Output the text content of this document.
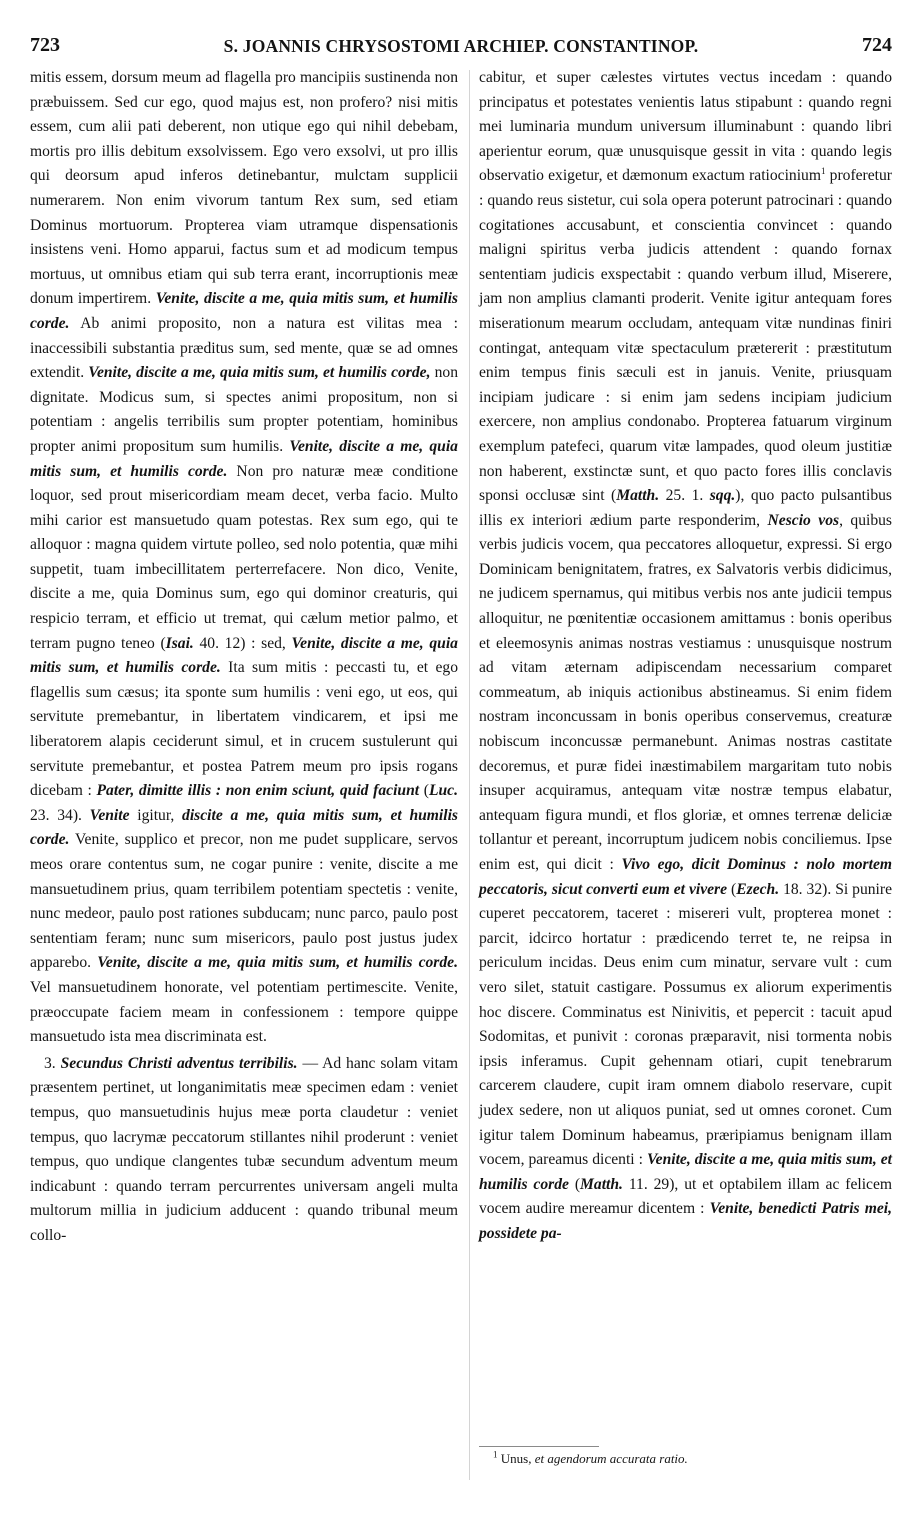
723	S. JOANNIS CHRYSOSTOMI ARCHIEP. CONSTANTINOP.	724

mitis essem, dorsum meum ad flagella pro mancipiis sustinenda non præbuissem. Sed cur ego, quod majus est, non profero? nisi mitis essem, cum alii pati deberent, non utique ego qui nihil debebam, mortis pro illis debitum exsolvissem. Ego vero exsolvi, ut pro illis qui deorsum apud inferos detinebantur, mulctam supplicii numerarem. Non enim vivorum tantum Rex sum, sed etiam Dominus mortuorum. Propterea viam utramque dispensationis insistens veni. Homo apparui, factus sum et ad modicum tempus mortuus, ut omnibus etiam qui sub terra erant, incorruptionis meæ donum impertirem. Venite, discite a me, quia mitis sum, et humilis corde. Ab animi proposito, non a natura est vilitas mea : inaccessibili substantia præditus sum, sed mente, quæ se ad omnes extendit. Venite, discite a me, quia mitis sum, et humilis corde, non dignitate. Modicus sum, si spectes animi propositum, non si potentiam : angelis terribilis sum propter potentiam, hominibus propter animi propositum sum humilis. Venite, discite a me, quia mitis sum, et humilis corde. Non pro naturæ meæ conditione loquor, sed prout misericordiam meam decet, verba facio. Multo mihi carior est mansuetudo quam potestas. Rex sum ego, qui te alloquor : magna quidem virtute polleo, sed nolo potentia, quæ mihi suppetit, tuam imbecillitatem perterrefacere. Non dico, Venite, discite a me, quia Dominus sum, ego qui dominor creaturis, qui respicio terram, et efficio ut tremat, qui cælum metior palmo, et terram pugno teneo (Isai. 40. 12) : sed, Venite, discite a me, quia mitis sum, et humilis corde. Ita sum mitis : peccasti tu, et ego flagellis sum cæsus; ita sponte sum humilis : veni ego, ut eos, qui servitute premebantur, in libertatem vindicarem, et ipsi me liberatorem alapis ceciderunt simul, et in crucem sustulerunt qui servitute premebantur, et postea Patrem meum pro ipsis rogans dicebam : Pater, dimitte illis : non enim sciunt, quid faciunt (Luc. 23. 34). Venite igitur, discite a me, quia mitis sum, et humilis corde. Venite, supplico et precor, non me pudet supplicare, servos meos orare contentus sum, ne cogar punire : venite, discite a me mansuetudinem prius, quam terribilem potentiam spectetis : venite, nunc medeor, paulo post rationes subducam; nunc parco, paulo post sententiam feram; nunc sum misericors, paulo post justus judex apparebo. Venite, discite a me, quia mitis sum, et humilis corde. Vel mansuetudinem honorate, vel potentiam pertimescite. Venite, præoccupate faciem meam in confessionem : tempore quippe mansuetudo ista mea discriminata est.

3. Secundus Christi adventus terribilis. — Ad hanc solam vitam præsentem pertinet, ut longanimitatis meæ specimen edam : veniet tempus, quo mansuetudinis hujus meæ porta claudetur : veniet tempus, quo lacrymæ peccatorum stillantes nihil proderunt : veniet tempus, quo undique clangentes tubæ secundum adventum meum indicabunt : quando terram percurrentes universam angeli multa multorum millia in judicium adducent : quando tribunal meum collo-

cabitur, et super cælestes virtutes vectus incedam : quando principatus et potestates venientis latus stipabunt : quando regni mei luminaria mundum universum illuminabunt : quando libri aperientur eorum, quæ unusquisque gessit in vita : quando legis observatio exigetur, et dæmonum exactum ratiocinium$^1$ proferetur : quando reus sistetur, cui sola opera poterunt patrocinari : quando cogitationes accusabunt, et conscientia convincet : quando maligni spiritus verba judicis attendent : quando fornax sententiam judicis exspectabit : quando verbum illud, Miserere, jam non amplius clamanti proderit. Venite igitur antequam fores miserationum mearum occludam, antequam vitæ nundinas finiri contingat, antequam vitæ spectaculum prætererit : præstitutum enim tempus finis sæculi est in januis. Venite, priusquam incipiam judicare : si enim jam sedens incipiam judicium exercere, non amplius condonabo. Propterea fatuarum virginum exemplum patefeci, quarum vitæ lampades, quod oleum justitiæ non haberent, exstinctæ sunt, et quo pacto fores illis conclavis sponsi occlusæ sint (Matth. 25. 1. sqq.), quo pacto pulsantibus illis ex interiori ædium parte responderim, Nescio vos, quibus verbis judicis vocem, qua peccatores alloquetur, expressi. Si ergo Dominicam benignitatem, fratres, ex Salvatoris verbis didicimus, ne judicem spernamus, qui mitibus verbis nos ante judicii tempus alloquitur, ne pœnitentiæ occasionem amittamus : bonis operibus et eleemosynis animas nostras vestiamus : unusquisque nostrum ad vitam æternam adipiscendam necessarium comparet commeatum, ab iniquis actionibus abstineamus. Si enim fidem nostram inconcussam in bonis operibus conservemus, creaturæ nobiscum inconcussæ permanebunt. Animas nostras castitate decoremus, et puræ fidei inæstimabilem margaritam tuto nobis insuper acquiramus, antequam vitæ nostræ tempus elabatur, antequam figura mundi, et flos gloriæ, et omnes terrenæ deliciæ tollantur et pereant, incorruptum judicem nobis conciliemus. Ipse enim est, qui dicit : Vivo ego, dicit Dominus : nolo mortem peccatoris, sicut converti eum et vivere (Ezech. 18. 32). Si punire cuperet peccatorem, taceret : misereri vult, propterea monet : parcit, idcirco hortatur : prædicendo terret te, ne reipsa in periculum incidas. Deus enim cum minatur, servare vult : cum vero silet, statuit castigare. Possumus ex aliorum experimentis hoc discere. Comminatus est Ninivitis, et pepercit : tacuit apud Sodomitas, et punivit : coronas præparavit, nisi tormenta nobis ipsis inferamus. Cupit gehennam otiari, cupit tenebrarum carcerem claudere, cupit iram omnem diabolo reservare, cupit judex sedere, non ut aliquos puniat, sed ut omnes coronet. Cum igitur talem Dominum habeamus, præripiamus benignam illam vocem, pareamus dicenti : Venite, discite a me, quia mitis sum, et humilis corde (Matth. 11. 29), ut et optabilem illam ac felicem vocem audire mereamur dicentem : Venite, benedicti Patris mei, possidete pa-

$^1$ Unus, et agendorum accurata ratio.
